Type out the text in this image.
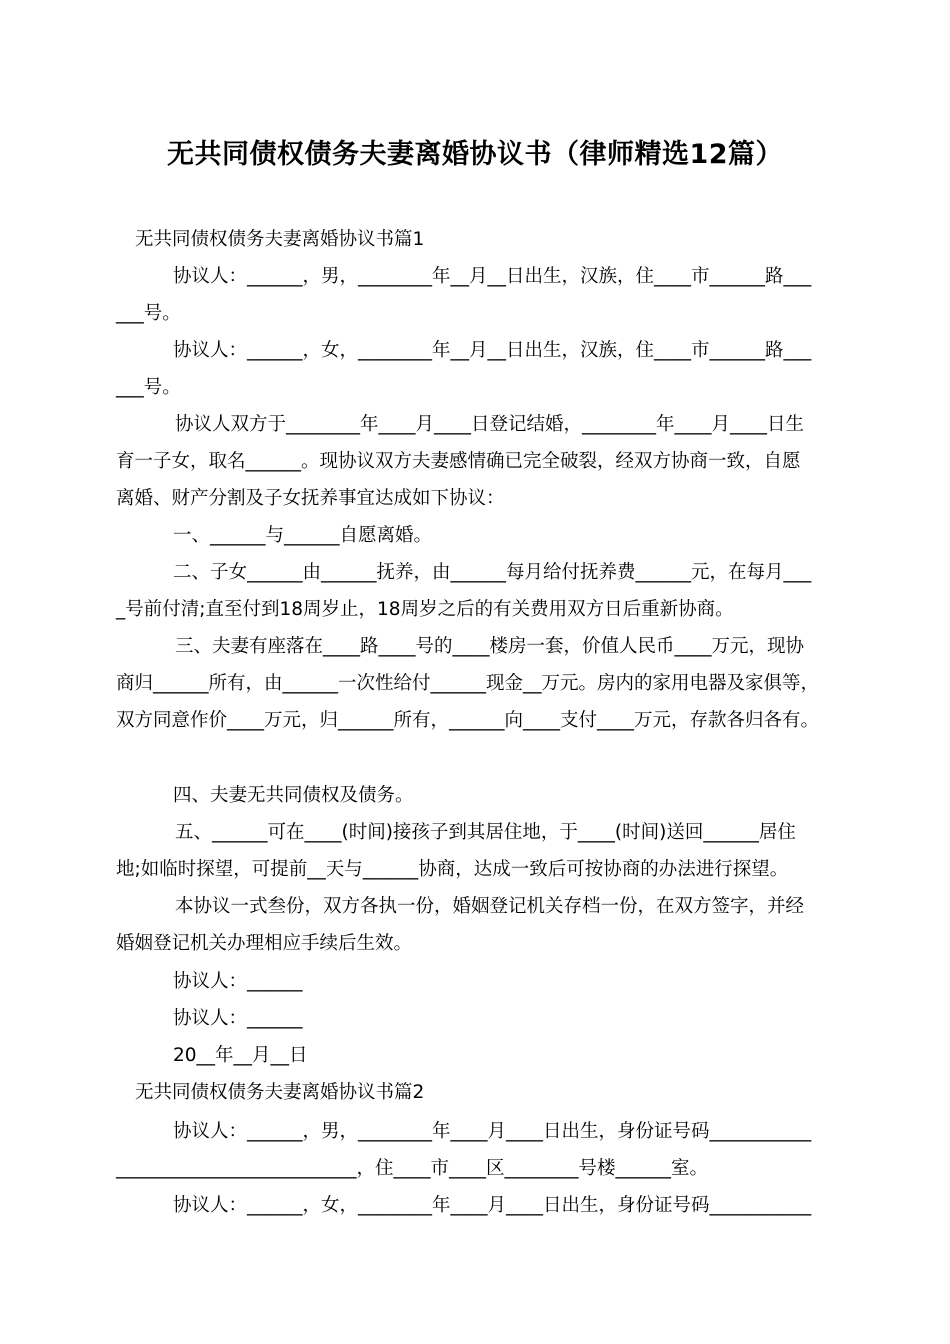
无共同债权债务夫妻离婚协议书（律师精选12篇）
无共同债权债务夫妻离婚协议书篇1
协议人：______，男，________年__月__日出生，汉族，住____市______路___
___号。
协议人：______，女，________年__月__日出生，汉族，住____市______路___
___号。
协议人双方于________年____月____日登记结婚，________年____月____日生
育一子女，取名______。现协议双方夫妻感情确已完全破裂，经双方协商一致，自愿
离婚、财产分割及子女抚养事宜达成如下协议：
一、______与______自愿离婚。
二、子女______由______抚养，由______每月给付抚养费______元，在每月___
_号前付清;直至付到18周岁止，18周岁之后的有关费用双方日后重新协商。
三、夫妻有座落在____路____号的____楼房一套，价值人民币____万元，现协
商归______所有，由______一次性给付______现金__万元。房内的家用电器及家俱等，
双方同意作价____万元，归______所有，______向____支付____万元，存款各归各有。
四、夫妻无共同债权及债务。
五、______可在____(时间)接孩子到其居住地，于____(时间)送回______居住
地;如临时探望，可提前__天与______协商，达成一致后可按协商的办法进行探望。
本协议一式叁份，双方各执一份，婚姻登记机关存档一份，在双方签字，并经
婚姻登记机关办理相应手续后生效。
协议人：______
协议人：______
20__年__月__日
无共同债权债务夫妻离婚协议书篇2
协议人：______，男，________年____月____日出生，身份证号码___________
__________________________，住____市____区________号楼______室。
协议人：______，女，________年____月____日出生，身份证号码___________
